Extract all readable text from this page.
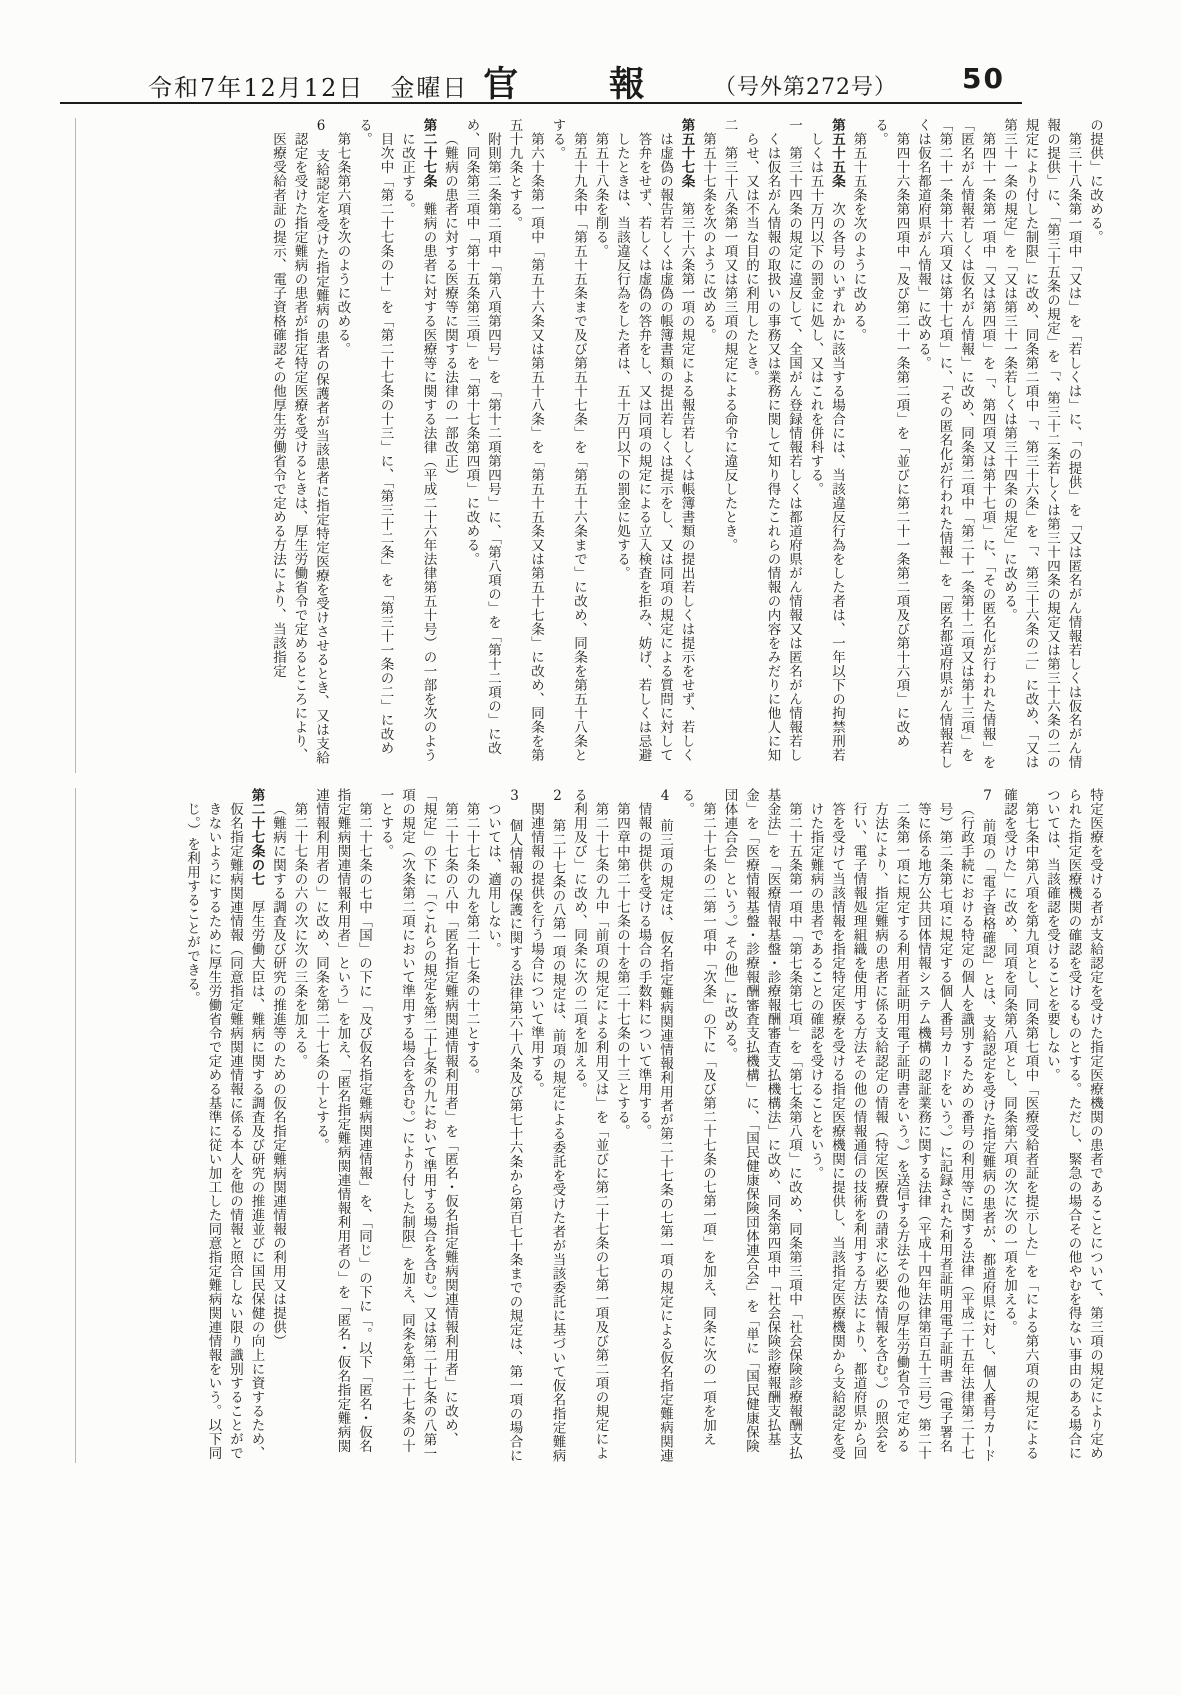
令和7年12月12日　金曜日 官報
（号外第272号） 50

の提供」に改める。

第三十八条第一項中「又は」を「若しくは」に、「の提供」を「又は匿名がん情報若しくは仮名がん情報の提供」に、「第三十五条の規定」を「、第三十二条若しくは第三十四条の規定又は第三十六条の二の規定により付した制限」に改め、同条第二項中「、第三十六条」を「、第三十六条の二」に改め、「又は第三十一条の規定」を「又は第三十一条若しくは第三十四条の規定」に改める。

第四十一条第一項中「又は第四項」を「、第四項又は第十七項」に、「その匿名化が行われた情報」を「匿名がん情報若しくは仮名がん情報」に改め、同条第二項中「第二十一条第十二項又は第十三項」を「第二十一条第十六項又は第十七項」に、「その匿名化が行われた情報」を「匿名都道府県がん情報若しくは仮名都道府県がん情報」に改める。

第四十六条第四項中「及び第二十一条第二項」を「並びに第二十一条第二項及び第十六項」に改める。

第五十五条を次のように改める。

第五十五条　次の各号のいずれかに該当する場合には、当該違反行為をした者は、一年以下の拘禁刑若しくは五十万円以下の罰金に処し、又はこれを併科する。

一　第三十四条の規定に違反して、全国がん登録情報若しくは都道府県がん情報又は匿名がん情報若しくは仮名がん情報の取扱いの事務又は業務に関して知り得たこれらの情報の内容をみだりに他人に知らせ、又は不当な目的に利用したとき。

二　第三十八条第一項又は第三項の規定による命令に違反したとき。

第五十七条を次のように改める。

第五十七条　第三十六条第一項の規定による報告若しくは帳簿書類の提出若しくは提示をせず、若しくは虚偽の報告若しくは虚偽の帳簿書類の提出若しくは提示をし、又は同項の規定による質問に対して答弁をせず、若しくは虚偽の答弁をし、又は同項の規定による立入検査を拒み、妨げ、若しくは忌避したときは、当該違反行為をした者は、五十万円以下の罰金に処する。

第五十八条を削る。

第五十九条中「第五十五条まで及び第五十七条」を「第五十六条まで」に改め、同条を第五十八条とする。

第六十条第一項中「第五十六条又は第五十八条」を「第五十五条又は第五十七条」に改め、同条を第五十九条とする。

附則第二条第二項中「第八項第四号」を「第十二項第四号」に、「第八項の」を「第十二項の」に改め、同条第三項中「第十五条第三項」を「第十七条第四項」に改める。

（難病の患者に対する医療等に関する法律の一部改正）

第二十七条　難病の患者に対する医療等に関する法律（平成二十六年法律第五十号）の一部を次のように改正する。

目次中「第二十七条の十」を「第二十七条の十三」に、「第三十二条」を「第三十一条の二」に改める。

第七条第六項を次のように改める。

6　支給認定を受けた指定難病の患者の保護者が当該患者に指定特定医療を受けさせるとき、又は支給認定を受けた指定難病の患者が指定特定医療を受けるときは、厚生労働省令で定めるところにより、医療受給者証の提示、電子資格確認その他厚生労働省令で定める方法により、当該指定

特定医療を受ける者が支給認定を受けた指定医療機関の患者であることについて、第三項の規定により定められた指定医療機関の確認を受けるものとする。ただし、緊急の場合その他やむを得ない事由のある場合については、当該確認を受けることを要しない。

第七条中第八項を第九項とし、同条第七項中「医療受給者証を提示した」を「による第六項の規定による確認を受けた」に改め、同項を同条第八項とし、同条第六項の次に次の一項を加える。

7　前項の「電子資格確認」とは、支給認定を受けた指定難病の患者が、都道府県に対し、個人番号カード（行政手続における特定の個人を識別するための番号の利用等に関する法律（平成二十五年法律第二十七号）第二条第七項に規定する個人番号カードをいう。）に記録された利用者証明用電子証明書（電子署名等に係る地方公共団体情報システム機構の認証業務に関する法律（平成十四年法律第百五十三号）第二十二条第一項に規定する利用者証明用電子証明書をいう。）を送信する方法その他の厚生労働省令で定める方法により、指定難病の患者に係る支給認定の情報（特定医療費の請求に必要な情報を含む。）の照会を行い、電子情報処理組織を使用する方法その他の情報通信の技術を利用する方法により、都道府県から回答を受けて当該情報を指定特定医療を受ける指定医療機関に提供し、当該指定医療機関から支給認定を受けた指定難病の患者であることの確認を受けることをいう。

第二十五条第一項中「第七条第七項」を「第七条第八項」に改め、同条第三項中「社会保険診療報酬支払基金法」を「医療情報基盤・診療報酬審査支払機構法」に改め、同条第四項中「社会保険診療報酬支払基金」を「医療情報基盤・診療報酬審査支払機構」に、「国民健康保険団体連合会」を「単に「国民健康保険団体連合会」という。）その他」に改める。

第二十七条の二第一項中「次条」の下に「及び第二十七条の七第一項」を加え、同条に次の一項を加える。

4　前三項の規定は、仮名指定難病関連情報利用者が第二十七条の七第一項の規定による仮名指定難病関連情報の提供を受ける場合の手数料について準用する。

第四章中第二十七条の十を第二十七条の十三とする。

第二十七条の九中「前項の規定による利用又は」を「並びに第二十七条の七第一項及び第二項の規定による利用及び」に改め、同条に次の二項を加える。

2　第二十七条の八第一項の規定は、前項の規定による委託を受けた者が当該委託に基づいて仮名指定難病関連情報の提供を行う場合について準用する。

3　個人情報の保護に関する法律第六十八条及び第七十六条から第百七十条までの規定は、第一項の場合については、適用しない。

第二十七条の九を第二十七条の十二とする。

第二十七条の八中「匿名指定難病関連情報利用者」を「匿名・仮名指定難病関連情報利用者」に改め、「規定」の下に「（これらの規定を第二十七条の九において準用する場合を含む。）又は第二十七条の八第一項の規定（次条第二項において準用する場合を含む。）により付した制限」を加え、同条を第二十七条の十一とする。

第二十七条の七中「国」の下に「及び仮名指定難病関連情報」を、「同じ」の下に「。以下「匿名・仮名指定難病関連情報利用者」という」を加え、「匿名指定難病関連情報利用者の」を「匿名・仮名指定難病関連情報利用者の」に改め、同条を第二十七条の十とする。

第二十七条の六の次に次の三条を加える。

（難病に関する調査及び研究の推進等のための仮名指定難病関連情報の利用又は提供）

第二十七条の七　厚生労働大臣は、難病に関する調査及び研究の推進並びに国民保健の向上に資するため、仮名指定難病関連情報（同意指定難病関連情報に係る本人を他の情報と照合しない限り識別することができないようにするために厚生労働省令で定める基準に従い加工した同意指定難病関連情報をいう。以下同じ。）を利用することができる。
